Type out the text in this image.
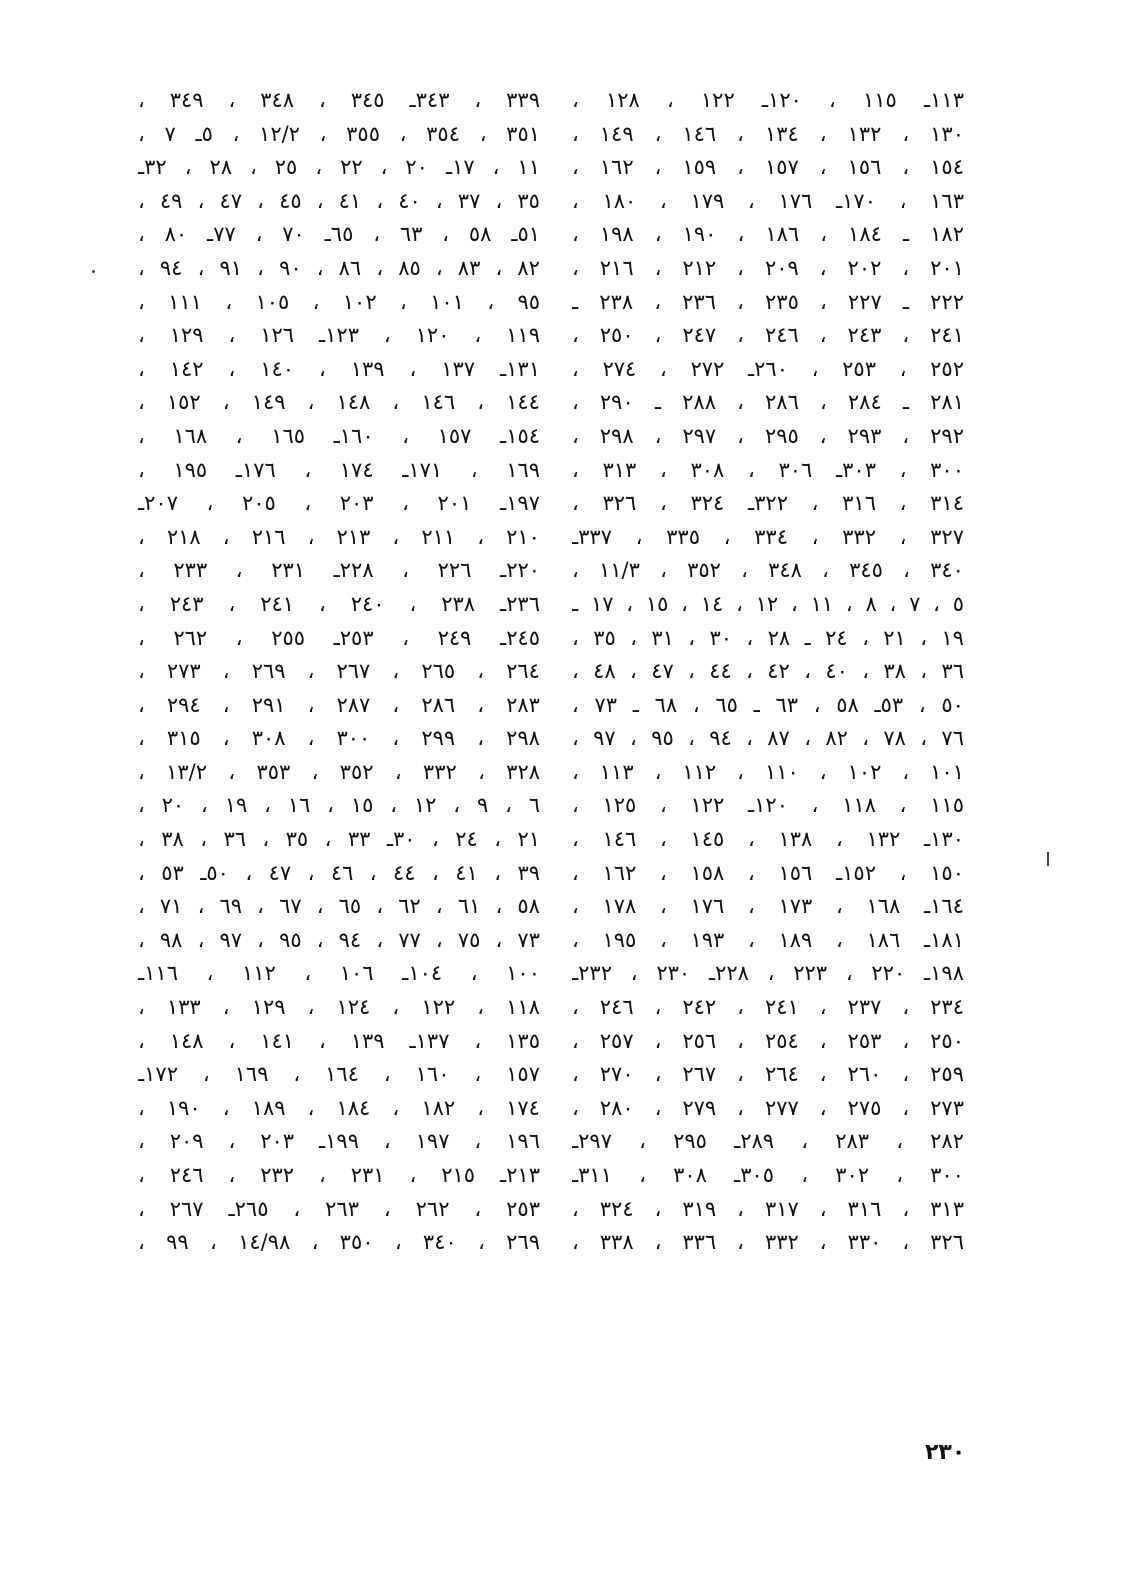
١١٣ـ ١١٥ ، ١٢٠ـ ١٢٢ ، ١٢٨ ،
١٣٠ ، ١٣٢ ، ١٣٤ ، ١٤٦ ، ١٤٩ ،
١٥٤ ، ١٥٦ ، ١٥٧ ، ١٥٩ ، ١٦٢ ،
١٦٣ ، ١٧٠ـ ١٧٦ ، ١٧٩ ، ١٨٠ ،
١٨٢ ـ ١٨٤ ، ١٨٦ ، ١٩٠ ، ١٩٨ ،
٢٠١ ، ٢٠٢ ، ٢٠٩ ، ٢١٢ ، ٢١٦ ،
٢٢٢ ـ ٢٢٧ ، ٢٣٥ ، ٢٣٦ ، ٢٣٨ ـ
٢٤١ ، ٢٤٣ ، ٢٤٦ ، ٢٤٧ ، ٢٥٠ ،
٢٥٢ ، ٢٥٣ ، ٢٦٠ـ ٢٧٢ ، ٢٧٤ ،
٢٨١ ـ ٢٨٤ ، ٢٨٦ ، ٢٨٨ ـ ٢٩٠ ،
٢٩٢ ، ٢٩٣ ، ٢٩٥ ، ٢٩٧ ، ٢٩٨ ،
٣٠٠ ، ٣٠٣ـ ٣٠٦ ، ٣٠٨ ، ٣١٣ ،
٣١٤ ، ٣١٦ ، ٣٢٢ـ ٣٢٤ ، ٣٢٦ ،
٣٢٧ ، ٣٣٢ ، ٣٣٤ ، ٣٣٥ ، ٣٣٧ـ
٣٤٠ ، ٣٤٥ ، ٣٤٨ ، ٣٥٢ ، ١١/٣ ،
٥ ، ٧ ، ٨ ، ١١ ، ١٢ ، ١٤ ، ١٥ ، ١٧ ـ
١٩ ، ٢١ ، ٢٤ ـ ٢٨ ، ٣٠ ، ٣١ ، ٣٥ ،
٣٦ ، ٣٨ ، ٤٠ ، ٤٢ ، ٤٤ ، ٤٧ ، ٤٨ ،
٥٠ ، ٥٣ـ ٥٨ ، ٦٣ ـ ٦٥ ، ٦٨ ـ ٧٣ ،
٧٦ ، ٧٨ ، ٨٢ ، ٨٧ ، ٩٤ ، ٩٥ ، ٩٧ ،
١٠١ ، ١٠٢ ، ١١٠ ، ١١٢ ، ١١٣ ،
١١٥ ، ١١٨ ، ١٢٠ـ ١٢٢ ، ١٢٥ ،
١٣٠ـ ١٣٢ ، ١٣٨ ، ١٤٥ ، ١٤٦ ،
١٥٠ ، ١٥٢ـ ١٥٦ ، ١٥٨ ، ١٦٢ ،
١٦٤ـ ١٦٨ ، ١٧٣ ، ١٧٦ ، ١٧٨ ،
١٨١ـ ١٨٦ ، ١٨٩ ، ١٩٣ ، ١٩٥ ،
١٩٨ـ ٢٢٠ ، ٢٢٣ ، ٢٢٨ـ ٢٣٠ ، ٢٣٢ـ
٢٣٤ ، ٢٣٧ ، ٢٤١ ، ٢٤٢ ، ٢٤٦ ،
٢٥٠ ، ٢٥٣ ، ٢٥٤ ، ٢٥٦ ، ٢٥٧ ،
٢٥٩ ، ٢٦٠ ، ٢٦٤ ، ٢٦٧ ، ٢٧٠ ،
٢٧٣ ، ٢٧٥ ، ٢٧٧ ، ٢٧٩ ، ٢٨٠ ،
٢٨٢ ، ٢٨٣ ، ٢٨٩ـ ٢٩٥ ، ٢٩٧ـ
٣٠٠ ، ٣٠٢ ، ٣٠٥ـ ٣٠٨ ، ٣١١ـ
٣١٣ ، ٣١٦ ، ٣١٧ ، ٣١٩ ، ٣٢٤ ،
٣٢٦ ، ٣٣٠ ، ٣٣٢ ، ٣٣٦ ، ٣٣٨ ،
٣٣٩ ، ٣٤٣ـ ٣٤٥ ، ٣٤٨ ، ٣٤٩ ،
٣٥١ ، ٣٥٤ ، ٣٥٥ ، ١٢/٢ ، ٥ـ ٧ ،
١١ ، ١٧ـ ٢٠ ، ٢٢ ، ٢٥ ، ٢٨ ، ٣٢ـ
٣٥ ، ٣٧ ، ٤٠ ، ٤١ ، ٤٥ ، ٤٧ ، ٤٩ ،
٥١ـ ٥٨ ، ٦٣ ، ٦٥ـ ٧٠ ، ٧٧ـ ٨٠ ،
٨٢ ، ٨٣ ، ٨٥ ، ٨٦ ، ٩٠ ، ٩١ ، ٩٤ ،
٩٥ ، ١٠١ ، ١٠٢ ، ١٠٥ ، ١١١ ،
١١٩ ، ١٢٠ ، ١٢٣ـ ١٢٦ ، ١٢٩ ،
١٣١ـ ١٣٧ ، ١٣٩ ، ١٤٠ ، ١٤٢ ،
١٤٤ ، ١٤٦ ، ١٤٨ ، ١٤٩ ، ١٥٢ ،
١٥٤ـ ١٥٧ ، ١٦٠ـ ١٦٥ ، ١٦٨ ،
١٦٩ ، ١٧١ـ ١٧٤ ، ١٧٦ـ ١٩٥ ،
١٩٧ـ ٢٠١ ، ٢٠٣ ، ٢٠٥ ، ٢٠٧ـ
٢١٠ ، ٢١١ ، ٢١٣ ، ٢١٦ ، ٢١٨ ،
٢٢٠ـ ٢٢٦ ، ٢٢٨ـ ٢٣١ ، ٢٣٣ ،
٢٣٦ـ ٢٣٨ ، ٢٤٠ ، ٢٤١ ، ٢٤٣ ،
٢٤٥ـ ٢٤٩ ، ٢٥٣ـ ٢٥٥ ، ٢٦٢ ،
٢٦٤ ، ٢٦٥ ، ٢٦٧ ، ٢٦٩ ، ٢٧٣ ،
٢٨٣ ، ٢٨٦ ، ٢٨٧ ، ٢٩١ ، ٢٩٤ ،
٢٩٨ ، ٢٩٩ ، ٣٠٠ ، ٣٠٨ ، ٣١٥ ،
٣٢٨ ، ٣٣٢ ، ٣٥٢ ، ٣٥٣ ، ١٣/٢ ،
٦ ، ٩ ، ١٢ ، ١٥ ، ١٦ ، ١٩ ، ٢٠ ،
٢١ ، ٢٤ ، ٣٠ـ ٣٣ ، ٣٥ ، ٣٦ ، ٣٨ ،
٣٩ ، ٤١ ، ٤٤ ، ٤٦ ، ٤٧ ، ٥٠ـ ٥٣ ،
٥٨ ، ٦١ ، ٦٢ ، ٦٥ ، ٦٧ ، ٦٩ ، ٧١ ،
٧٣ ، ٧٥ ، ٧٧ ، ٩٤ ، ٩٥ ، ٩٧ ، ٩٨ ،
١٠٠ ، ١٠٤ـ ١٠٦ ، ١١٢ ، ١١٦ـ
١١٨ ، ١٢٢ ، ١٢٤ ، ١٢٩ ، ١٣٣ ،
١٣٥ ، ١٣٧ـ ١٣٩ ، ١٤١ ، ١٤٨ ،
١٥٧ ، ١٦٠ ، ١٦٤ ، ١٦٩ ، ١٧٢ـ
١٧٤ ، ١٨٢ ، ١٨٤ ، ١٨٩ ، ١٩٠ ،
١٩٦ ، ١٩٧ ، ١٩٩ـ ٢٠٣ ، ٢٠٩ ،
٢١٣ـ ٢١٥ ، ٢٣١ ، ٢٣٢ ، ٢٤٦ ،
٢٥٣ ، ٢٦٢ ، ٢٦٣ ، ٢٦٥ـ ٢٦٧ ،
٢٦٩ ، ٣٤٠ ، ٣٥٠ ، ١٤/٩٨ ، ٩٩ ،
٢٣٠
